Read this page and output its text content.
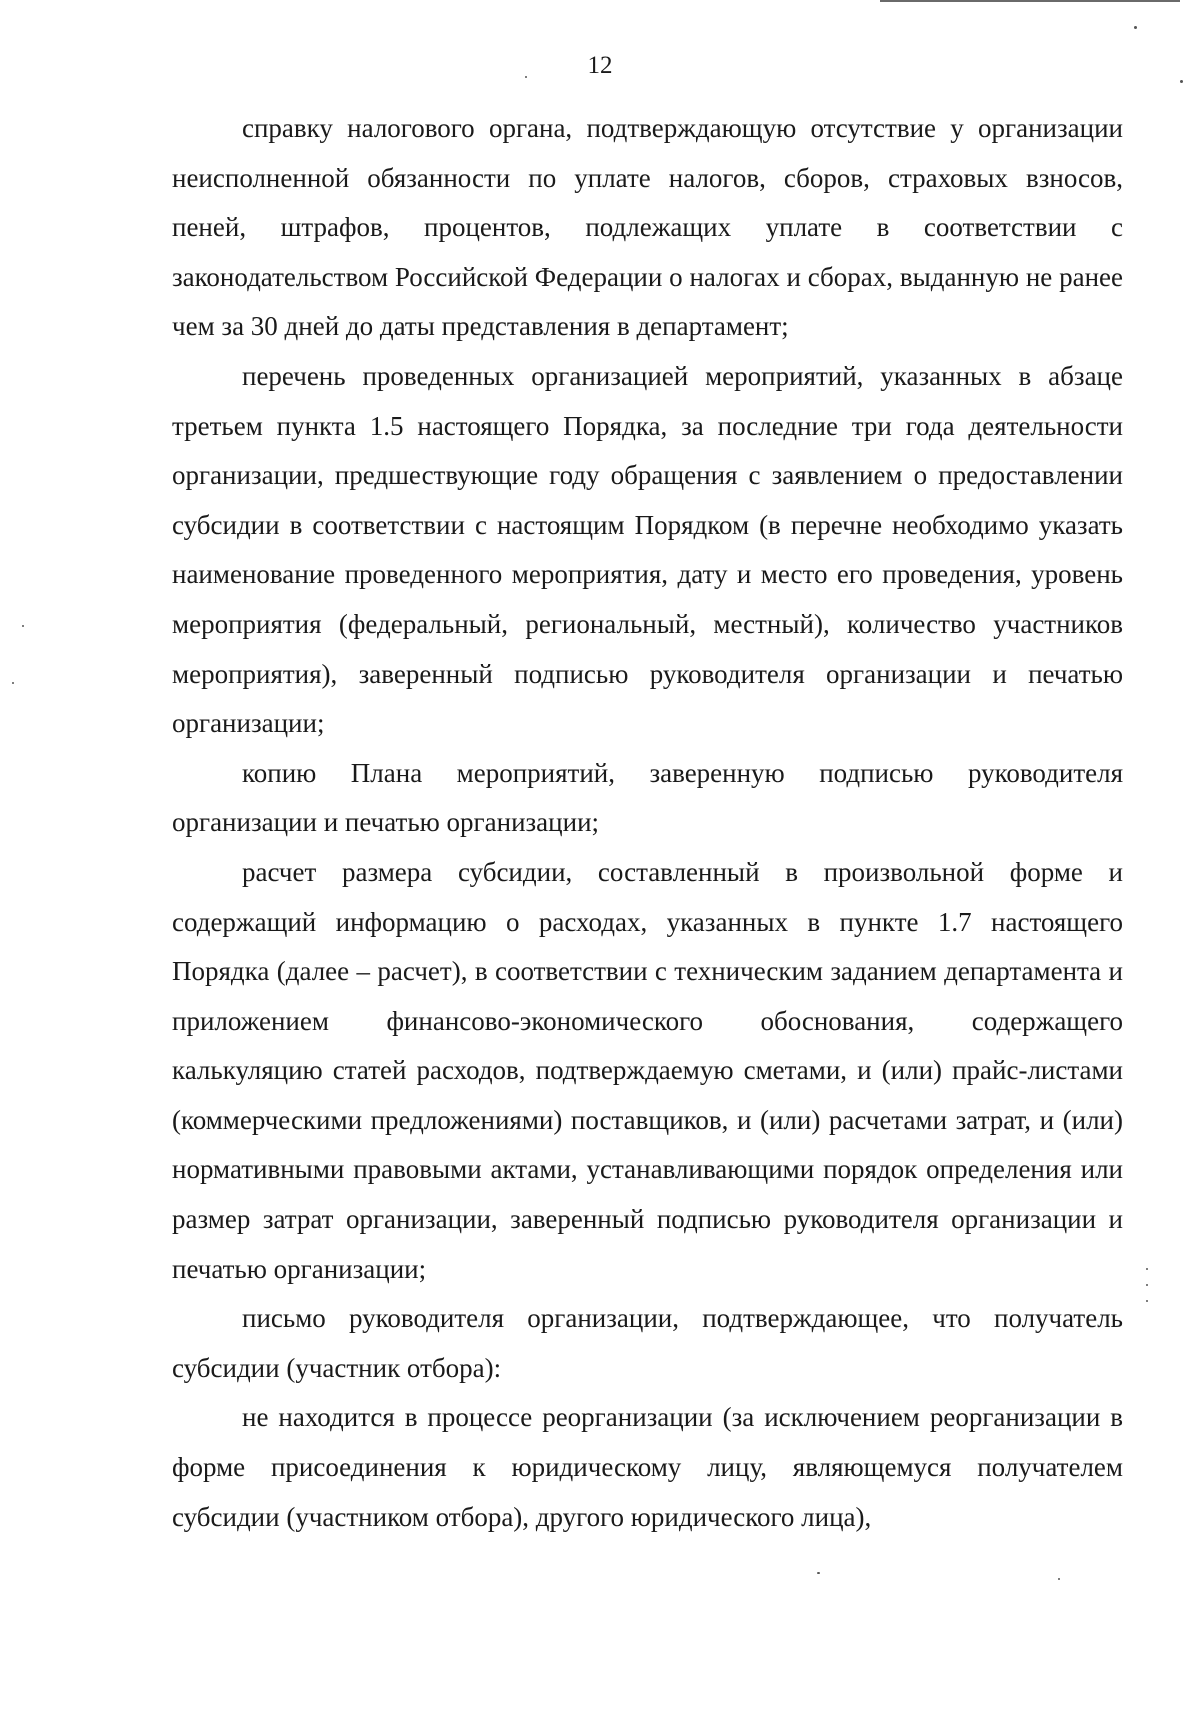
12

справку налогового органа, подтверждающую отсутствие у организации неисполненной обязанности по уплате налогов, сборов, страховых взносов, пеней, штрафов, процентов, подлежащих уплате в соответствии с законодательством Российской Федерации о налогах и сборах, выданную не ранее чем за 30 дней до даты представления в департамент;

перечень проведенных организацией мероприятий, указанных в абзаце третьем пункта 1.5 настоящего Порядка, за последние три года деятельности организации, предшествующие году обращения с заявлением о предоставлении субсидии в соответствии с настоящим Порядком (в перечне необходимо указать наименование проведенного мероприятия, дату и место его проведения, уровень мероприятия (федеральный, региональный, местный), количество участников мероприятия), заверенный подписью руководителя организации и печатью организации;

копию Плана мероприятий, заверенную подписью руководителя организации и печатью организации;

расчет размера субсидии, составленный в произвольной форме и содержащий информацию о расходах, указанных в пункте 1.7 настоящего Порядка (далее – расчет), в соответствии с техническим заданием департамента и приложением финансово-экономического обоснования, содержащего калькуляцию статей расходов, подтверждаемую сметами, и (или) прайс-листами (коммерческими предложениями) поставщиков, и (или) расчетами затрат, и (или) нормативными правовыми актами, устанавливающими порядок определения или размер затрат организации, заверенный подписью руководителя организации и печатью организации;

письмо руководителя организации, подтверждающее, что получатель субсидии (участник отбора):

не находится в процессе реорганизации (за исключением реорганизации в форме присоединения к юридическому лицу, являющемуся получателем субсидии (участником отбора), другого юридического лица),
